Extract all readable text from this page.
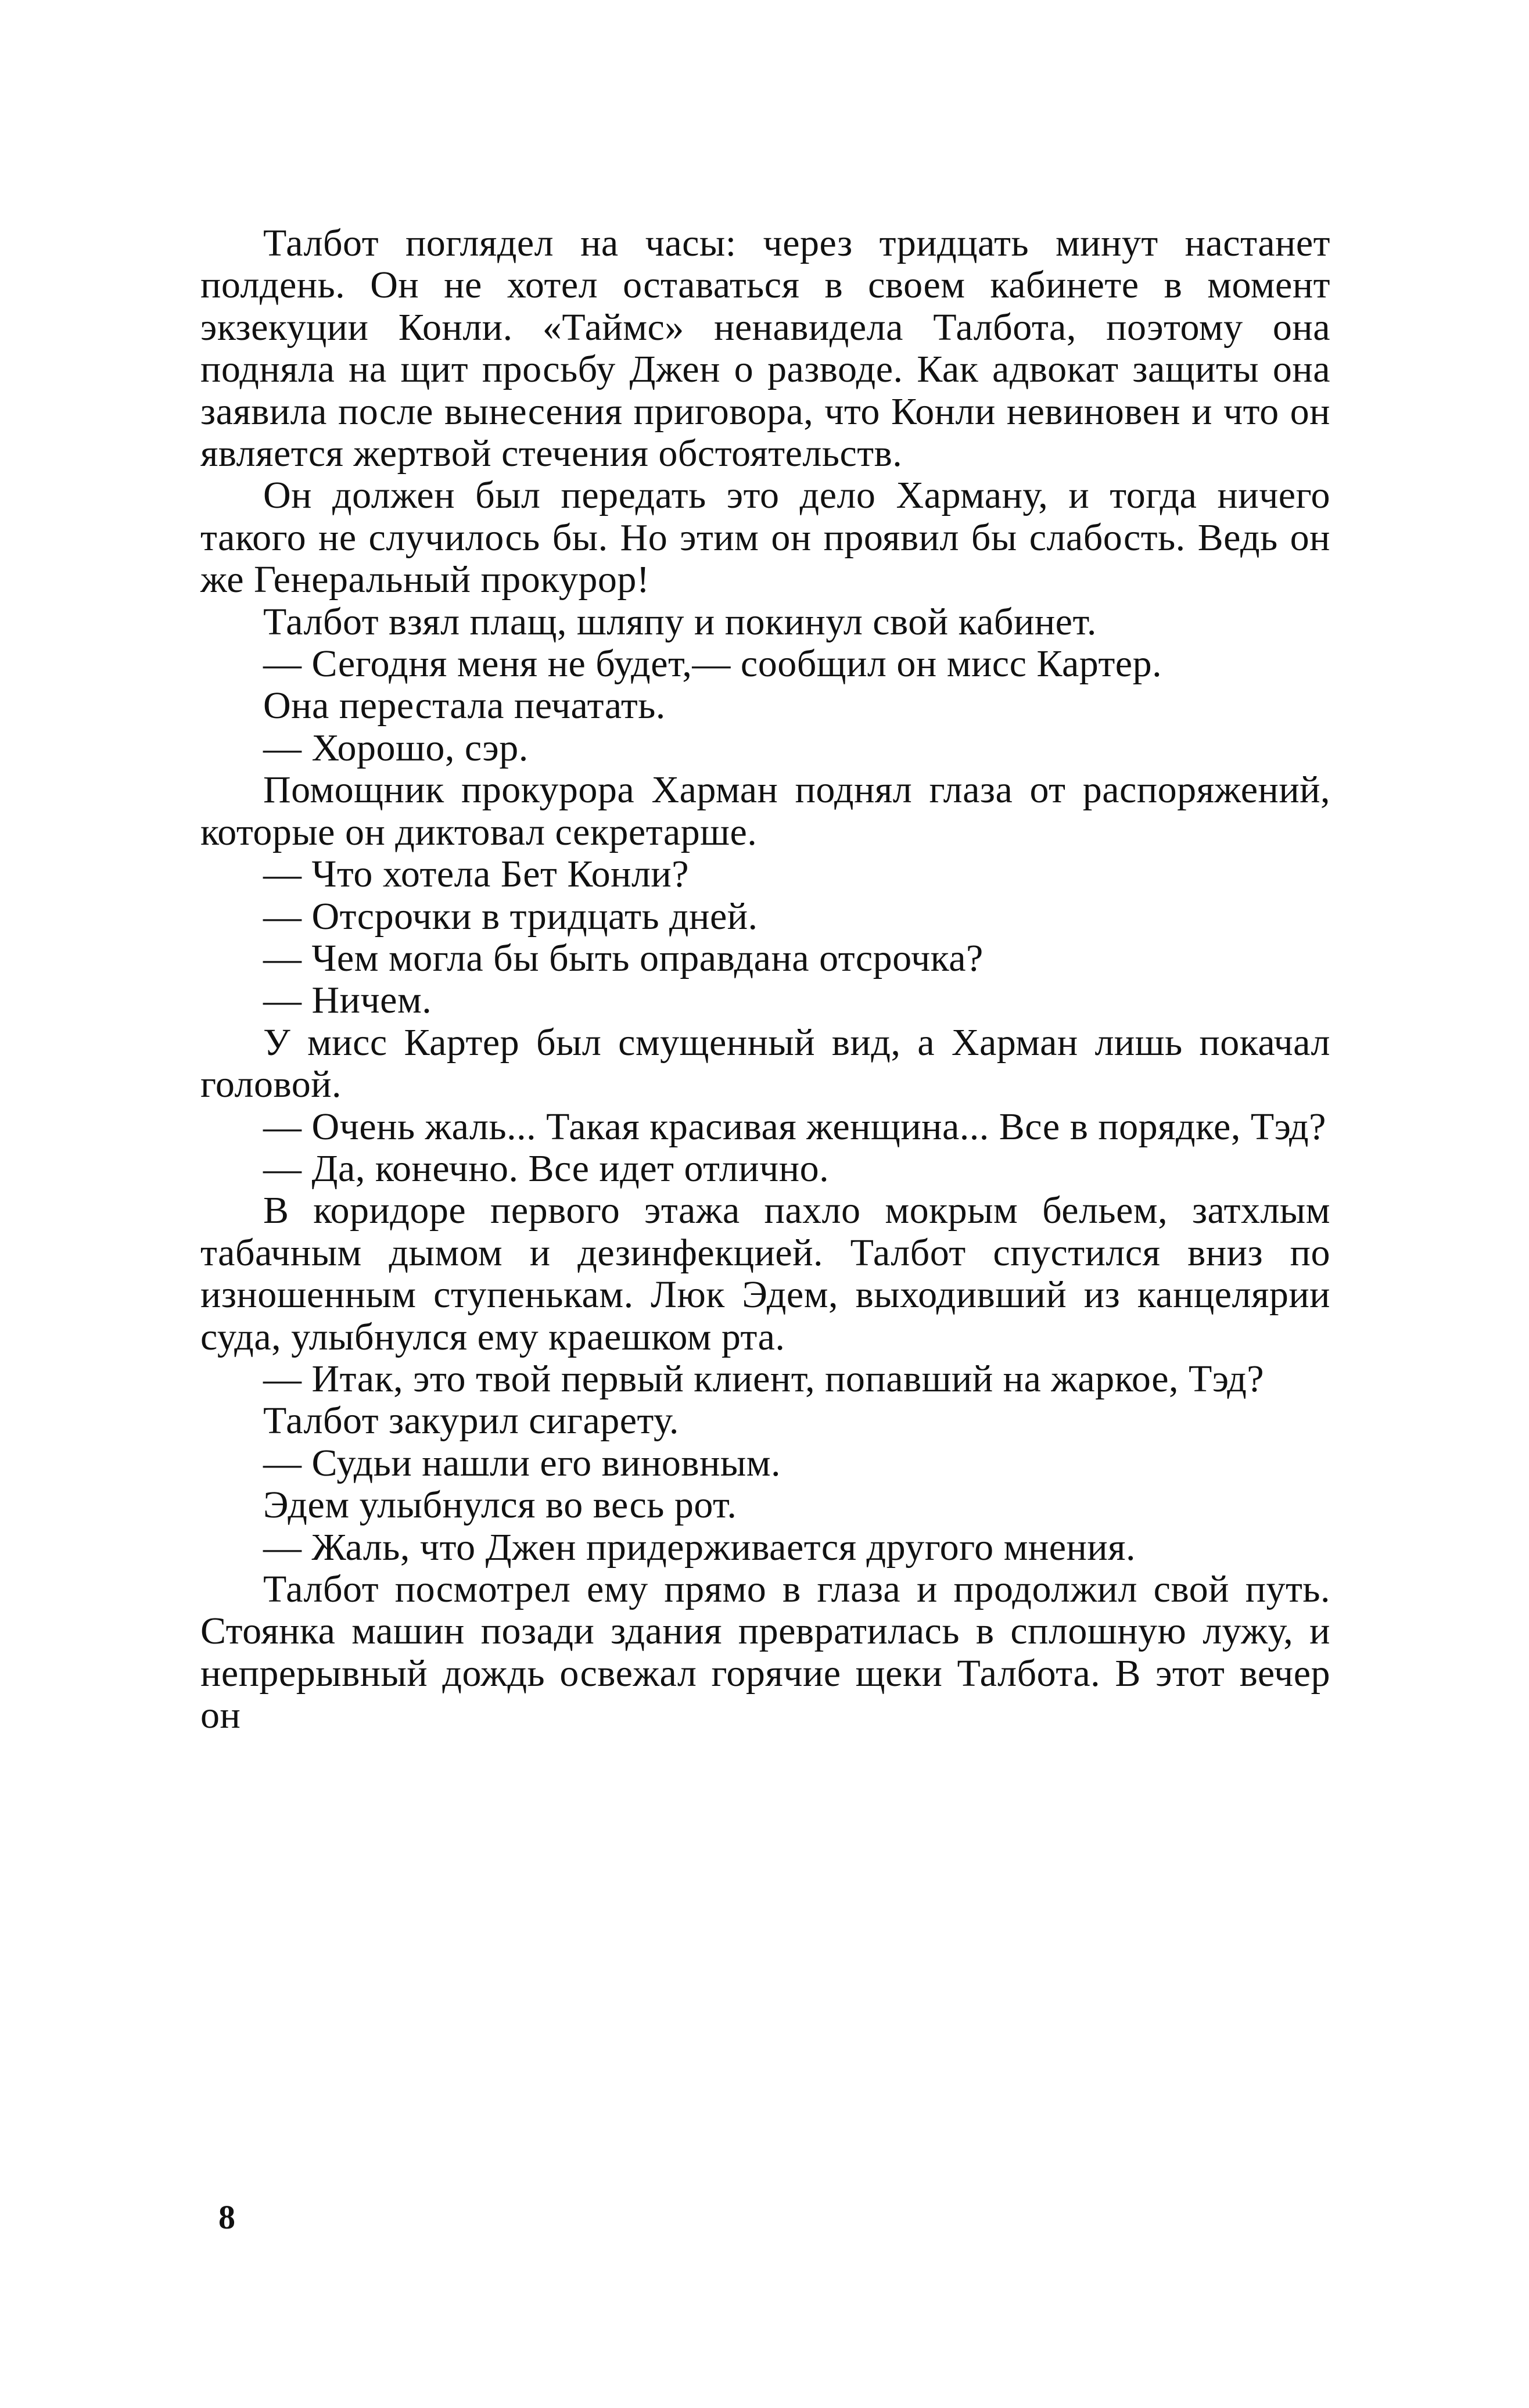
Талбот поглядел на часы: через тридцать минут настанет полдень. Он не хотел оставаться в своем кабинете в момент экзекуции Конли. «Таймс» ненавидела Талбота, поэтому она подняла на щит просьбу Джен о разводе. Как адвокат защиты она заявила после вынесения приговора, что Конли невиновен и что он является жертвой стечения обстоятельств.

Он должен был передать это дело Харману, и тогда ничего такого не случилось бы. Но этим он проявил бы слабость. Ведь он же Генеральный прокурор!

Талбот взял плащ, шляпу и покинул свой кабинет.

— Сегодня меня не будет,— сообщил он мисс Картер.

Она перестала печатать.

— Хорошо, сэр.

Помощник прокурора Харман поднял глаза от распоряжений, которые он диктовал секретарше.

— Что хотела Бет Конли?

— Отсрочки в тридцать дней.

— Чем могла бы быть оправдана отсрочка?

— Ничем.

У мисс Картер был смущенный вид, а Харман лишь покачал головой.

— Очень жаль... Такая красивая женщина... Все в порядке, Тэд?

— Да, конечно. Все идет отлично.

В коридоре первого этажа пахло мокрым бельем, затхлым табачным дымом и дезинфекцией. Талбот спустился вниз по изношенным ступенькам. Люк Эдем, выходивший из канцелярии суда, улыбнулся ему краешком рта.

— Итак, это твой первый клиент, попавший на жаркое, Тэд?

Талбот закурил сигарету.

— Судьи нашли его виновным.

Эдем улыбнулся во весь рот.

— Жаль, что Джен придерживается другого мнения.

Талбот посмотрел ему прямо в глаза и продолжил свой путь. Стоянка машин позади здания превратилась в сплошную лужу, и непрерывный дождь освежал горячие щеки Талбота. В этот вечер он

8
